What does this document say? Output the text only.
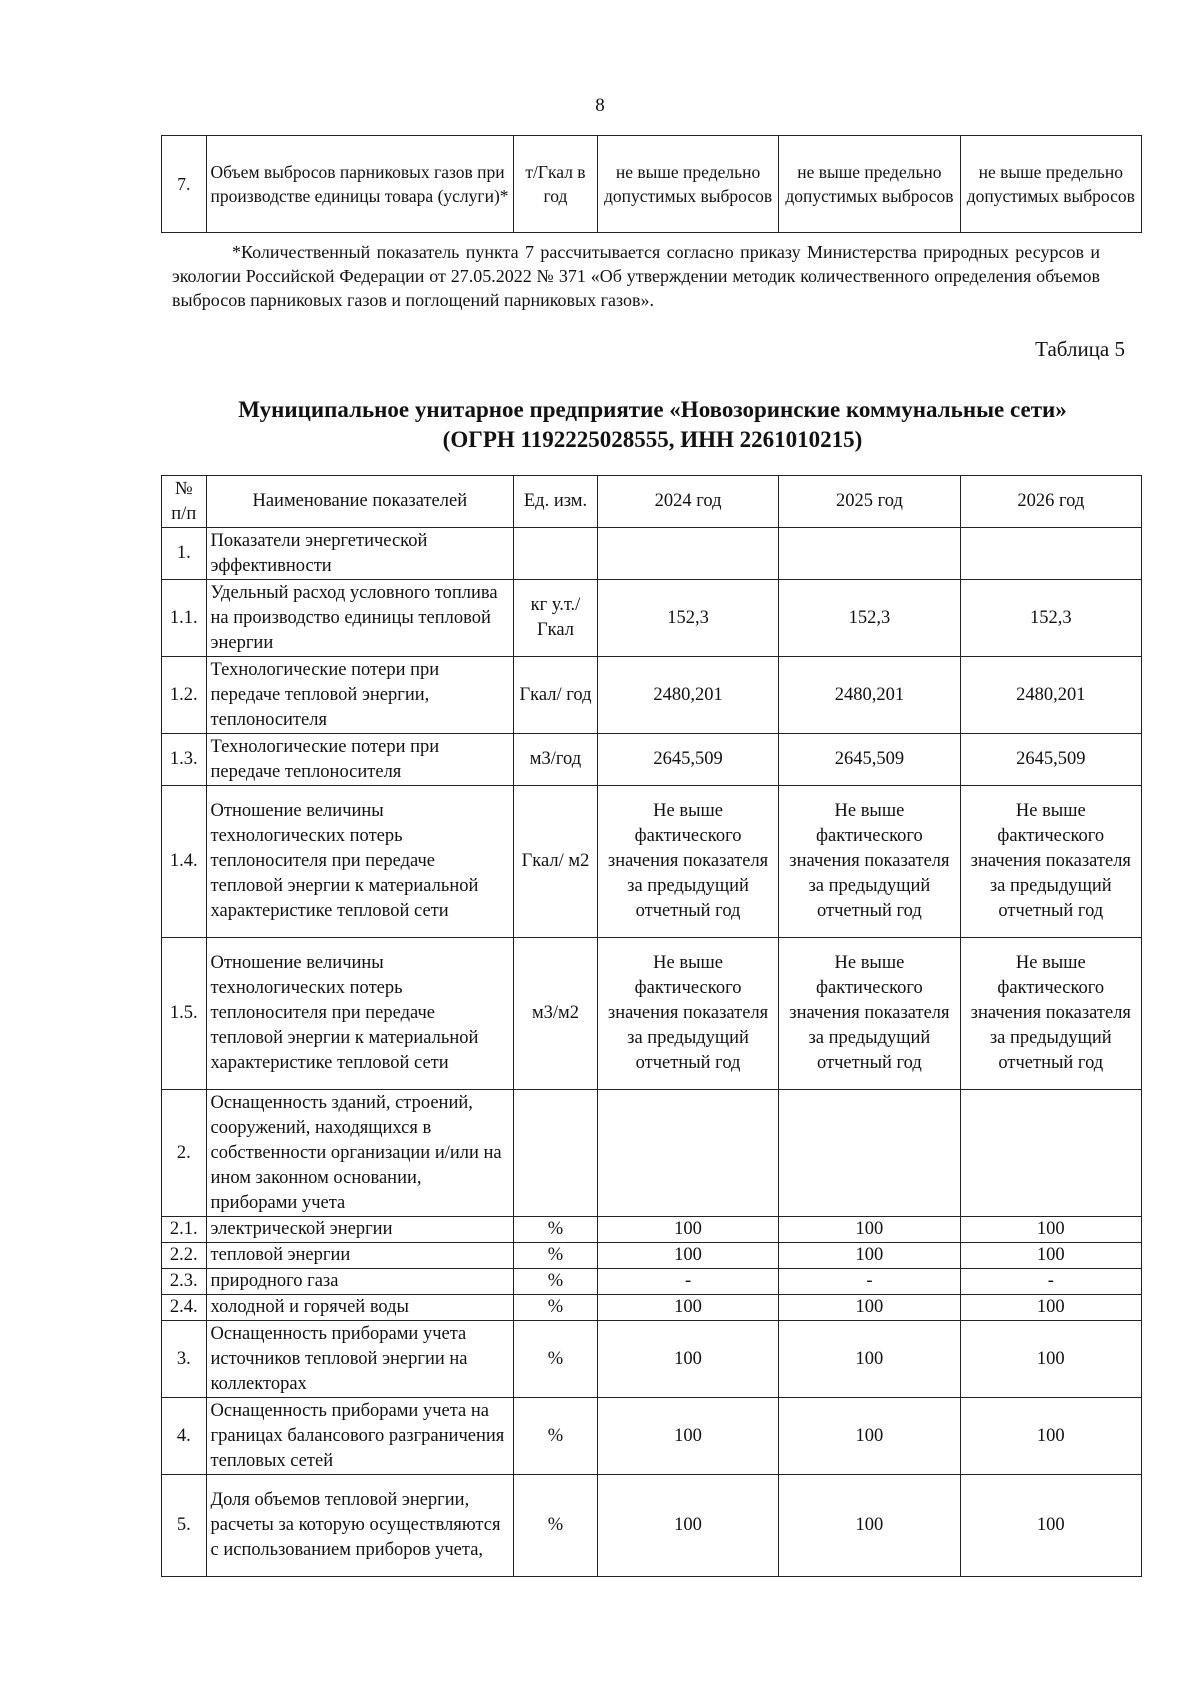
8
7.	Объем выбросов парниковых газов при производстве единицы товара (услуги)*	т/Гкал в год	не выше предельно допустимых выбросов	не выше предельно допустимых выбросов	не выше предельно допустимых выбросов
*Количественный показатель пункта 7 рассчитывается согласно приказу Министерства природных ресурсов и экологии Российской Федерации от 27.05.2022 № 371 «Об утверждении методик количественного определения объемов выбросов парниковых газов и поглощений парниковых газов».
Таблица 5
Муниципальное унитарное предприятие «Новозоринские коммунальные сети»
(ОГРН 1192225028555, ИНН 2261010215)
№ п/п	Наименование показателей	Ед. изм.	2024 год	2025 год	2026 год
1.	Показатели энергетической эффективности				
1.1.	Удельный расход условного топлива на производство единицы тепловой энергии	кг у.т./ Гкал	152,3	152,3	152,3
1.2.	Технологические потери при передаче тепловой энергии, теплоносителя	Гкал/ год	2480,201	2480,201	2480,201
1.3.	Технологические потери при передаче теплоносителя	м3/год	2645,509	2645,509	2645,509
1.4.	Отношение величины технологических потерь теплоносителя при передаче тепловой энергии к материальной характеристике тепловой сети	Гкал/ м2	Не выше фактического значения показателя за предыдущий отчетный год	Не выше фактического значения показателя за предыдущий отчетный год	Не выше фактического значения показателя за предыдущий отчетный год
1.5.	Отношение величины технологических потерь теплоносителя при передаче тепловой энергии к материальной характеристике тепловой сети	м3/м2	Не выше фактического значения показателя за предыдущий отчетный год	Не выше фактического значения показателя за предыдущий отчетный год	Не выше фактического значения показателя за предыдущий отчетный год
2.	Оснащенность зданий, строений, сооружений, находящихся в собственности организации и/или на ином законном основании, приборами учета				
2.1.	электрической энергии	%	100	100	100
2.2.	тепловой энергии	%	100	100	100
2.3.	природного газа	%	-	-	-
2.4.	холодной и горячей воды	%	100	100	100
3.	Оснащенность приборами учета источников тепловой энергии на коллекторах	%	100	100	100
4.	Оснащенность приборами учета на границах балансового разграничения тепловых сетей	%	100	100	100
5.	Доля объемов тепловой энергии, расчеты за которую осуществляются с использованием приборов учета,	%	100	100	100
